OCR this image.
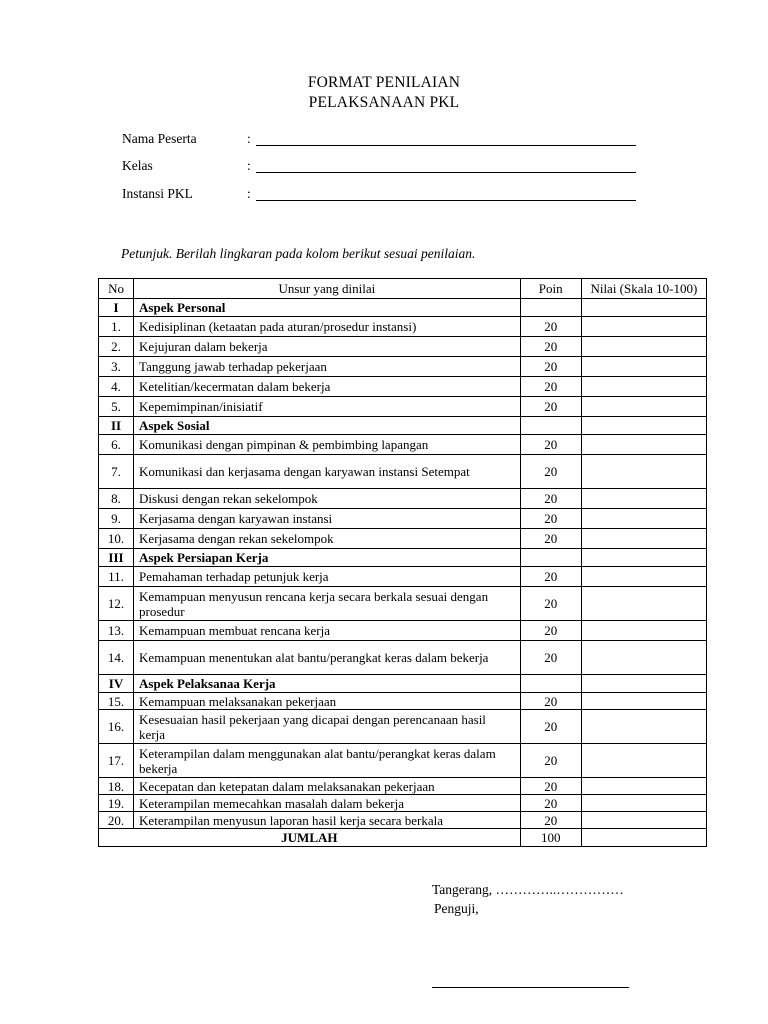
FORMAT PENILAIAN
PELAKSANAAN PKL
Nama Peserta	:
Kelas	:
Instansi PKL	:
Petunjuk. Berilah lingkaran pada kolom berikut sesuai penilaian.
No	Unsur yang dinilai	Poin	Nilai (Skala 10-100)
I	Aspek Personal		
1.	Kedisiplinan (ketaatan pada aturan/prosedur instansi)	20	
2.	Kejujuran dalam bekerja	20	
3.	Tanggung jawab terhadap pekerjaan	20	
4.	Ketelitian/kecermatan dalam bekerja	20	
5.	Kepemimpinan/inisiatif	20	
II	Aspek Sosial		
6.	Komunikasi dengan pimpinan & pembimbing lapangan	20	
7.	Komunikasi dan kerjasama dengan karyawan instansi Setempat	20	
8.	Diskusi dengan rekan sekelompok	20	
9.	Kerjasama dengan karyawan instansi	20	
10.	Kerjasama dengan rekan sekelompok	20	
III	Aspek Persiapan Kerja		
11.	Pemahaman terhadap petunjuk kerja	20	
12.	Kemampuan menyusun rencana kerja secara berkala sesuai dengan prosedur	20	
13.	Kemampuan membuat rencana kerja	20	
14.	Kemampuan menentukan alat bantu/perangkat keras dalam bekerja	20	
IV	Aspek Pelaksanaa Kerja		
15.	Kemampuan melaksanakan pekerjaan	20	
16.	Kesesuaian hasil pekerjaan yang dicapai dengan perencanaan hasil kerja	20	
17.	Keterampilan dalam menggunakan alat bantu/perangkat keras dalam bekerja	20	
18.	Kecepatan dan ketepatan dalam melaksanakan pekerjaan	20	
19.	Keterampilan memecahkan masalah dalam bekerja	20	
20.	Keterampilan menyusun laporan hasil kerja secara berkala	20	
JUMLAH		100	
Tangerang, …………..……………
Penguji,
